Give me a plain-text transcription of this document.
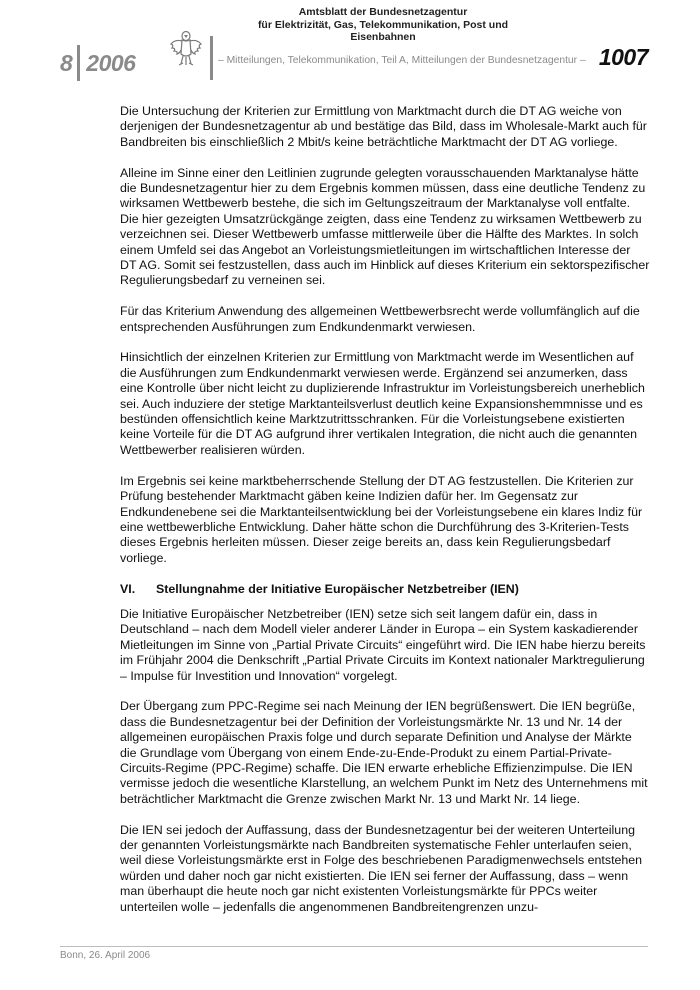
8 2006
Amtsblatt der Bundesnetzagentur
für Elektrizität, Gas, Telekommunikation, Post und Eisenbahnen
– Mitteilungen, Telekommunikation, Teil A, Mitteilungen der Bundesnetzagentur – 1007

Die Untersuchung der Kriterien zur Ermittlung von Marktmacht durch die DT AG weiche von derjenigen der Bundesnetzagentur ab und bestätige das Bild, dass im Wholesale-Markt auch für Bandbreiten bis einschließlich 2 Mbit/s keine beträchtliche Marktmacht der DT AG vorliege.

Alleine im Sinne einer den Leitlinien zugrunde gelegten vorausschauenden Marktanalyse hätte die Bundesnetzagentur hier zu dem Ergebnis kommen müssen, dass eine deutliche Tendenz zu wirksamen Wettbewerb bestehe, die sich im Geltungszeitraum der Marktanalyse voll entfalte. Die hier gezeigten Umsatzrückgänge zeigten, dass eine Tendenz zu wirksamen Wettbewerb zu verzeichnen sei. Dieser Wettbewerb umfasse mittlerweile über die Hälfte des Marktes. In solch einem Umfeld sei das Angebot an Vorleistungsmietleitungen im wirtschaftlichen Interesse der DT AG. Somit sei festzustellen, dass auch im Hinblick auf dieses Kriterium ein sektorspezifischer Regulierungsbedarf zu verneinen sei.

Für das Kriterium Anwendung des allgemeinen Wettbewerbsrecht werde vollumfänglich auf die entsprechenden Ausführungen zum Endkundenmarkt verwiesen.

Hinsichtlich der einzelnen Kriterien zur Ermittlung von Marktmacht werde im Wesentlichen auf die Ausführungen zum Endkundenmarkt verwiesen werde. Ergänzend sei anzumerken, dass eine Kontrolle über nicht leicht zu duplizierende Infrastruktur im Vorleistungsbereich unerheblich sei. Auch induziere der stetige Marktanteilsverlust deutlich keine Expansionshemmnisse und es bestünden offensichtlich keine Marktzutrittsschranken. Für die Vorleistungsebene existierten keine Vorteile für die DT AG aufgrund ihrer vertikalen Integration, die nicht auch die genannten Wettbewerber realisieren würden.

Im Ergebnis sei keine marktbeherrschende Stellung der DT AG festzustellen. Die Kriterien zur Prüfung bestehender Marktmacht gäben keine Indizien dafür her. Im Gegensatz zur Endkundenebene sei die Marktanteilsentwicklung bei der Vorleistungsebene ein klares Indiz für eine wettbewerbliche Entwicklung. Daher hätte schon die Durchführung des 3-Kriterien-Tests dieses Ergebnis herleiten müssen. Dieser zeige bereits an, dass kein Regulierungsbedarf vorliege.

VI.	Stellungnahme der Initiative Europäischer Netzbetreiber (IEN)

Die Initiative Europäischer Netzbetreiber (IEN) setze sich seit langem dafür ein, dass in Deutschland – nach dem Modell vieler anderer Länder in Europa – ein System kaskadierender Mietleitungen im Sinne von „Partial Private Circuits“ eingeführt wird. Die IEN habe hierzu bereits im Frühjahr 2004 die Denkschrift „Partial Private Circuits im Kontext nationaler Marktregulierung – Impulse für Investition und Innovation“ vorgelegt.

Der Übergang zum PPC-Regime sei nach Meinung der IEN begrüßenswert. Die IEN begrüße, dass die Bundesnetzagentur bei der Definition der Vorleistungsmärkte Nr. 13 und Nr. 14 der allgemeinen europäischen Praxis folge und durch separate Definition und Analyse der Märkte die Grundlage vom Übergang von einem Ende-zu-Ende-Produkt zu einem Partial-Private-Circuits-Regime (PPC-Regime) schaffe. Die IEN erwarte erhebliche Effizienzimpulse. Die IEN vermisse jedoch die wesentliche Klarstellung, an welchem Punkt im Netz des Unternehmens mit beträchtlicher Marktmacht die Grenze zwischen Markt Nr. 13 und Markt Nr. 14 liege.

Die IEN sei jedoch der Auffassung, dass der Bundesnetzagentur bei der weiteren Unterteilung der genannten Vorleistungsmärkte nach Bandbreiten systematische Fehler unterlaufen seien, weil diese Vorleistungsmärkte erst in Folge des beschriebenen Paradigmenwechsels entstehen würden und daher noch gar nicht existierten. Die IEN sei ferner der Auffassung, dass – wenn man überhaupt die heute noch gar nicht existenten Vorleistungsmärkte für PPCs weiter unterteilen wolle – jedenfalls die angenommenen Bandbreitengrenzen unzu-

Bonn, 26. April 2006
